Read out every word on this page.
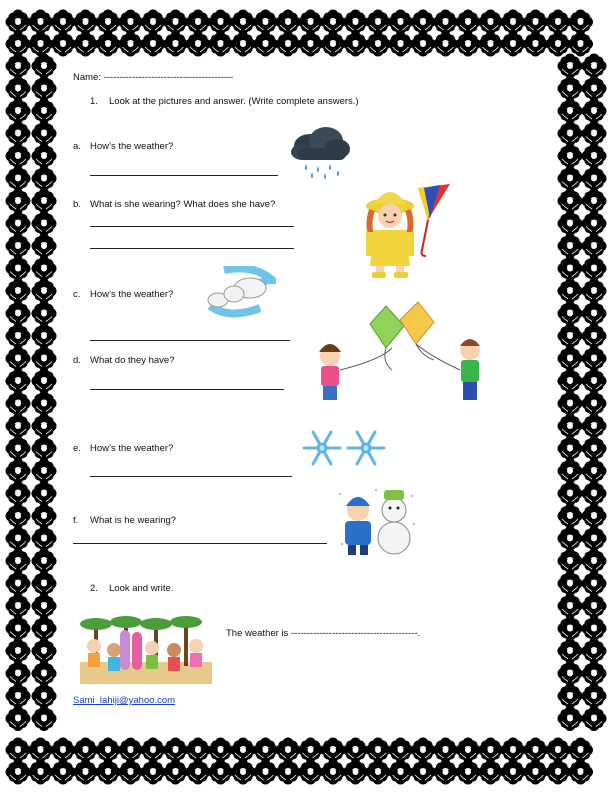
Name: -----------------------------------------
1. Look at the pictures and answer. (Write complete answers.)
a. How’s the weather?
b. What is she wearing? What does she have?
c. How’s the weather?
d. What do they have?
e. How’s the weather?
f. What is he wearing?
2. Look and write.
The weather is ----------------------------------------.
Sami_lahiji@yahoo.com
